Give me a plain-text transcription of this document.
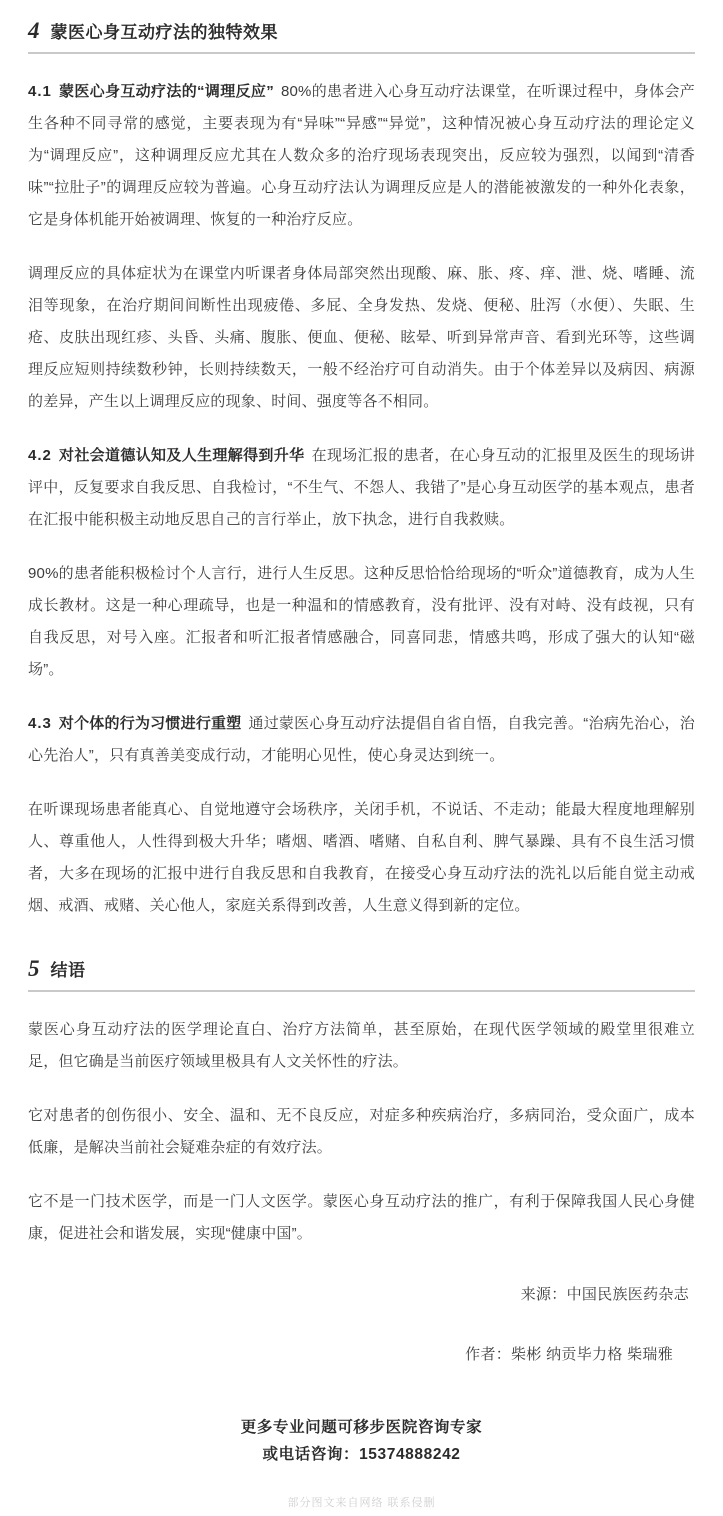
4 蒙医心身互动疗法的独特效果

4.1 蒙医心身互动疗法的“调理反应” 80%的患者进入心身互动疗法课堂，在听课过程中，身体会产生各种不同寻常的感觉，主要表现为有“异味”“异感”“异觉”，这种情况被心身互动疗法的理论定义为“调理反应”，这种调理反应尤其在人数众多的治疗现场表现突出，反应较为强烈，以闻到“清香味”“拉肚子”的调理反应较为普遍。心身互动疗法认为调理反应是人的潜能被激发的一种外化表象，它是身体机能开始被调理、恢复的一种治疗反应。

调理反应的具体症状为在课堂内听课者身体局部突然出现酸、麻、胀、疼、痒、泄、烧、嗜睡、流泪等现象，在治疗期间间断性出现疲倦、多屁、全身发热、发烧、便秘、肚泻（水便）、失眠、生疮、皮肤出现红疹、头昏、头痛、腹胀、便血、便秘、眩晕、听到异常声音、看到光环等，这些调理反应短则持续数秒钟，长则持续数天，一般不经治疗可自动消失。由于个体差异以及病因、病源的差异，产生以上调理反应的现象、时间、强度等各不相同。

4.2 对社会道德认知及人生理解得到升华 在现场汇报的患者，在心身互动的汇报里及医生的现场讲评中，反复要求自我反思、自我检讨，“不生气、不怨人、我错了”是心身互动医学的基本观点，患者在汇报中能积极主动地反思自己的言行举止，放下执念，进行自我救赎。

90%的患者能积极检讨个人言行，进行人生反思。这种反思恰恰给现场的“听众”道德教育，成为人生成长教材。这是一种心理疏导，也是一种温和的情感教育，没有批评、没有对峙、没有歧视，只有自我反思，对号入座。汇报者和听汇报者情感融合，同喜同悲，情感共鸣，形成了强大的认知“磁场”。

4.3 对个体的行为习惯进行重塑 通过蒙医心身互动疗法提倡自省自悟，自我完善。“治病先治心，治心先治人”，只有真善美变成行动，才能明心见性，使心身灵达到统一。

在听课现场患者能真心、自觉地遵守会场秩序，关闭手机，不说话、不走动；能最大程度地理解别人、尊重他人，人性得到极大升华；嗜烟、嗜酒、嗜赌、自私自利、脾气暴躁、具有不良生活习惯者，大多在现场的汇报中进行自我反思和自我教育，在接受心身互动疗法的洗礼以后能自觉主动戒烟、戒酒、戒赌、关心他人，家庭关系得到改善，人生意义得到新的定位。

5 结语

蒙医心身互动疗法的医学理论直白、治疗方法简单，甚至原始，在现代医学领域的殿堂里很难立足，但它确是当前医疗领域里极具有人文关怀性的疗法。

它对患者的创伤很小、安全、温和、无不良反应，对症多种疾病治疗，多病同治，受众面广，成本低廉，是解决当前社会疑难杂症的有效疗法。

它不是一门技术医学，而是一门人文医学。蒙医心身互动疗法的推广，有利于保障我国人民心身健康，促进社会和谐发展，实现“健康中国”。

来源：中国民族医药杂志

作者：柴彬 纳贡毕力格 柴瑞雅

更多专业问题可移步医院咨询专家
或电话咨询：15374888242
部分图文来自网络 联系侵删
